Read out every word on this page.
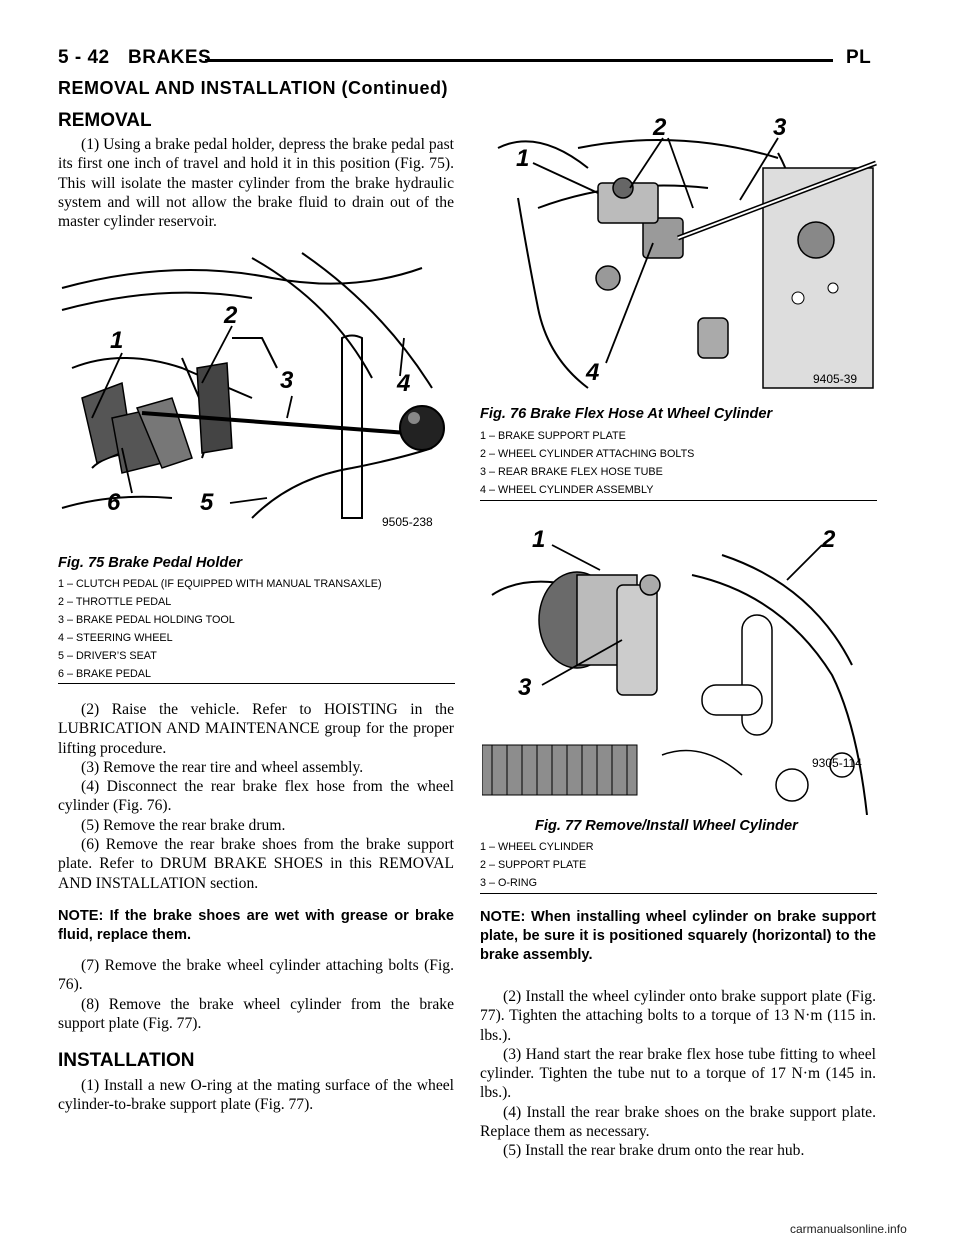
5 - 42 BRAKES	PL
REMOVAL AND INSTALLATION (Continued)
REMOVAL

(1) Using a brake pedal holder, depress the brake pedal past its first one inch of travel and hold it in this position (Fig. 75). This will isolate the master cylinder from the brake hydraulic system and will not allow the brake fluid to drain out of the master cylinder reservoir.

1
2
3	4
5
6
9505-238
Fig. 75 Brake Pedal Holder
1 – CLUTCH PEDAL (IF EQUIPPED WITH MANUAL TRANSAXLE)
2 – THROTTLE PEDAL
3 – BRAKE PEDAL HOLDING TOOL
4 – STEERING WHEEL
5 – DRIVER’S SEAT
6 – BRAKE PEDAL

(2) Raise the vehicle. Refer to HOISTING in the LUBRICATION AND MAINTENANCE group for the proper lifting procedure.

(3) Remove the rear tire and wheel assembly.

(4) Disconnect the rear brake flex hose from the wheel cylinder (Fig. 76).

(5) Remove the rear brake drum.

(6) Remove the rear brake shoes from the brake support plate. Refer to DRUM BRAKE SHOES in this REMOVAL AND INSTALLATION section.

NOTE: If the brake shoes are wet with grease or brake fluid, replace them.

(7) Remove the brake wheel cylinder attaching bolts (Fig. 76).

(8) Remove the brake wheel cylinder from the brake support plate (Fig. 77).

INSTALLATION

(1) Install a new O-ring at the mating surface of the wheel cylinder-to-brake support plate (Fig. 77).

1
2	3
4	9405-39
Fig. 76 Brake Flex Hose At Wheel Cylinder
1 – BRAKE SUPPORT PLATE
2 – WHEEL CYLINDER ATTACHING BOLTS
3 – REAR BRAKE FLEX HOSE TUBE
4 – WHEEL CYLINDER ASSEMBLY
1	2
3
9305-114
Fig. 77 Remove/Install Wheel Cylinder
1 – WHEEL CYLINDER
2 – SUPPORT PLATE
3 – O-RING
NOTE: When installing wheel cylinder on brake support plate, be sure it is positioned squarely (horizontal) to the brake assembly.

(2) Install the wheel cylinder onto brake support plate (Fig. 77). Tighten the attaching bolts to a torque of 13 N·m (115 in. lbs.).

(3) Hand start the rear brake flex hose tube fitting to wheel cylinder. Tighten the tube nut to a torque of 17 N·m (145 in. lbs.).

(4) Install the rear brake shoes on the brake support plate. Replace them as necessary.

(5) Install the rear brake drum onto the rear hub.

carmanualsonline.info
